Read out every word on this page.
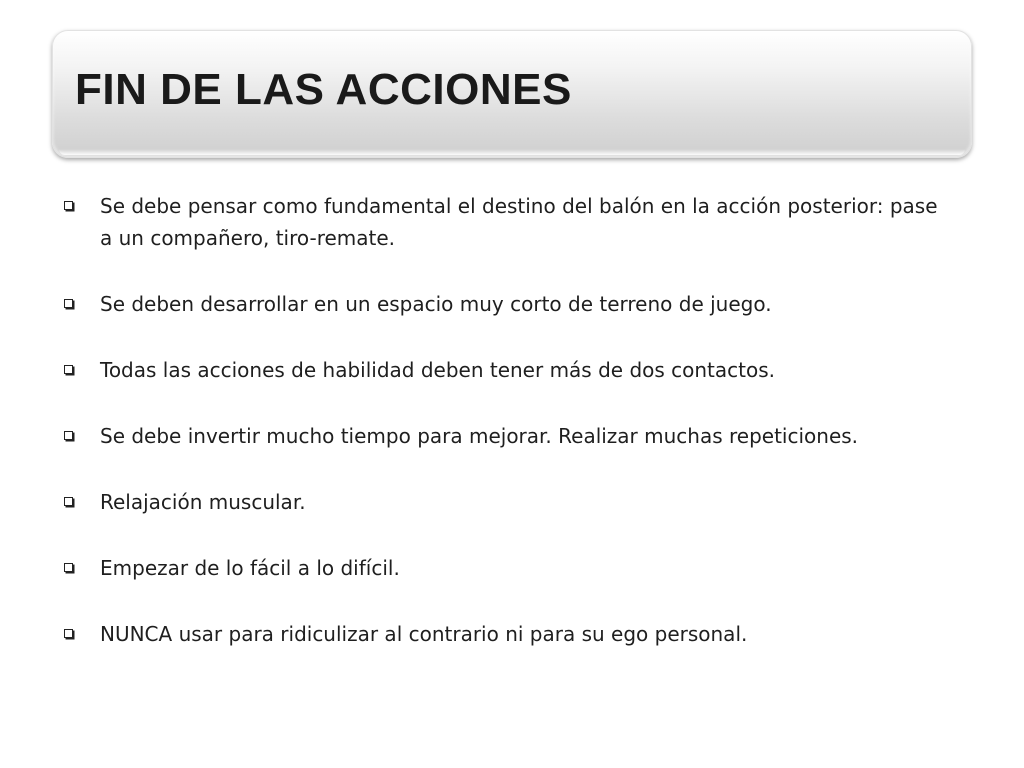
FIN DE LAS ACCIONES
Se debe pensar como fundamental el destino del balón en la acción posterior: pase a un compañero, tiro-remate.
Se deben desarrollar en un espacio muy corto de terreno de juego.
Todas las acciones de habilidad deben tener más de dos contactos.
Se debe invertir mucho tiempo para mejorar. Realizar muchas repeticiones.
Relajación muscular.
Empezar de lo fácil a lo difícil.
NUNCA usar para ridiculizar al contrario ni para su ego personal.
